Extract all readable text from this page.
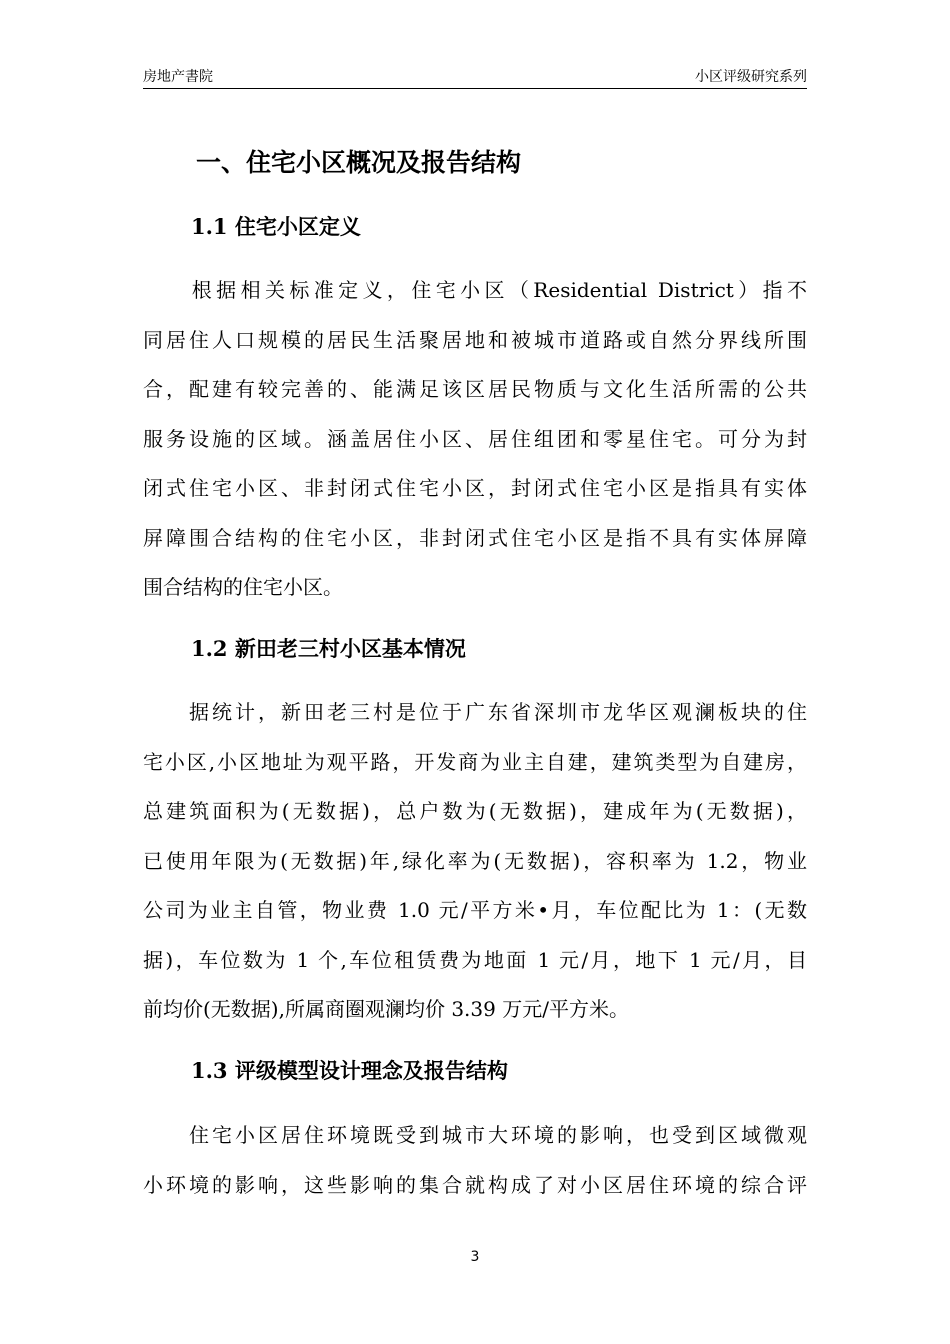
房地产書院	小区评级研究系列
一、住宅小区概况及报告结构
1.1 住宅小区定义
　　根据相关标准定义，住宅小区（Residential District）指不
同居住人口规模的居民生活聚居地和被城市道路或自然分界线所围
合，配建有较完善的、能满足该区居民物质与文化生活所需的公共
服务设施的区域。涵盖居住小区、居住组团和零星住宅。可分为封
闭式住宅小区、非封闭式住宅小区，封闭式住宅小区是指具有实体
屏障围合结构的住宅小区，非封闭式住宅小区是指不具有实体屏障
围合结构的住宅小区。
1.2 新田老三村小区基本情况
　　据统计，新田老三村是位于广东省深圳市龙华区观澜板块的住
宅小区,小区地址为观平路，开发商为业主自建，建筑类型为自建房，
总建筑面积为(无数据)，总户数为(无数据)，建成年为(无数据)，
已使用年限为(无数据)年,绿化率为(无数据)，容积率为 1.2，物业
公司为业主自管，物业费 1.0 元/平方米•月，车位配比为 1：(无数
据)，车位数为 1 个,车位租赁费为地面 1 元/月，地下 1 元/月，目
前均价(无数据),所属商圈观澜均价 3.39 万元/平方米。
1.3 评级模型设计理念及报告结构
　　住宅小区居住环境既受到城市大环境的影响，也受到区域微观
小环境的影响，这些影响的集合就构成了对小区居住环境的综合评
3
